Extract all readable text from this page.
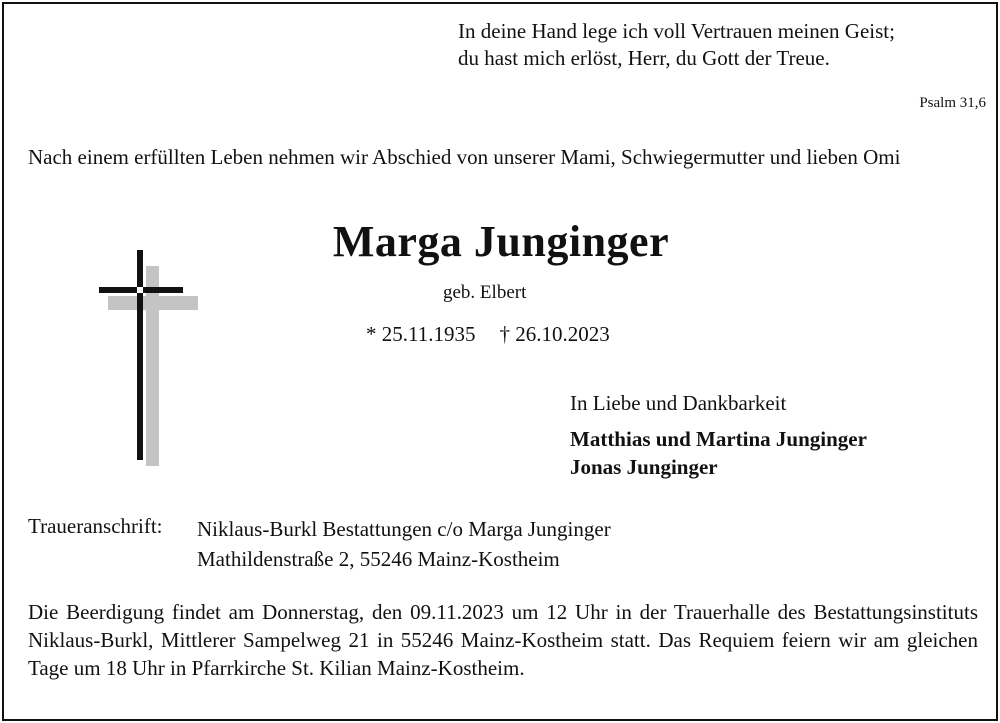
In deine Hand lege ich voll Vertrauen meinen Geist;
du hast mich erlöst, Herr, du Gott der Treue.
Psalm 31,6
Nach einem erfüllten Leben nehmen wir Abschied von unserer Mami, Schwiegermutter und lieben Omi
Marga Junginger
geb. Elbert
* 25.11.1935 † 26.10.2023
In Liebe und Dankbarkeit
Matthias und Martina Junginger
Jonas Junginger
Traueranschrift: Niklaus-Burkl Bestattungen c/o Marga Junginger
Mathildenstraße 2, 55246 Mainz-Kostheim
Die Beerdigung findet am Donnerstag, den 09.11.2023 um 12 Uhr in der Trauerhalle des Bestattungsinstituts Niklaus-Burkl, Mittlerer Sampelweg 21 in 55246 Mainz-Kostheim statt. Das Requiem feiern wir am gleichen Tage um 18 Uhr in Pfarrkirche St. Kilian Mainz-Kostheim.
